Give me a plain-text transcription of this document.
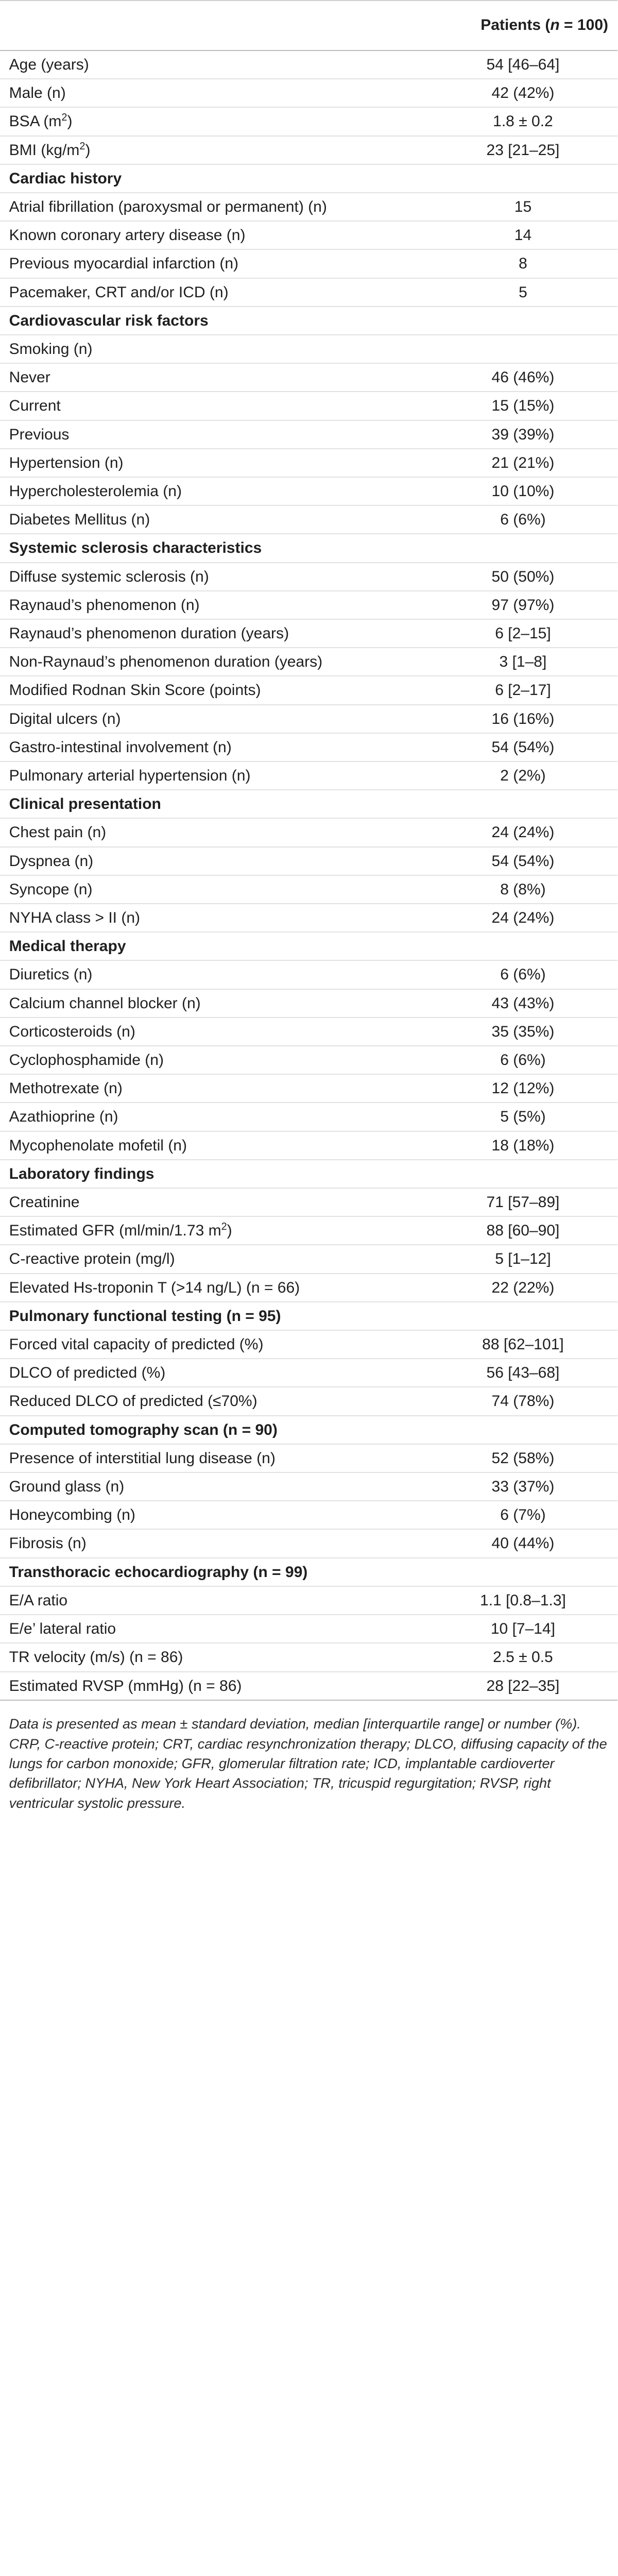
	Patients (n = 100)
Age (years)	54 [46–64]
Male (n)	42 (42%)
BSA $(m^2)$	1.8 ± 0.2
BMI $(kg/m^2)$	23 [21–25]
Cardiac history	
Atrial fibrillation (paroxysmal or permanent) (n)	15
Known coronary artery disease (n)	14
Previous myocardial infarction (n)	8
Pacemaker, CRT and/or ICD (n)	5
Cardiovascular risk factors	
Smoking (n)	
Never	46 (46%)
Current	15 (15%)
Previous	39 (39%)
Hypertension (n)	21 (21%)
Hypercholesterolemia (n)	10 (10%)
Diabetes Mellitus (n)	6 (6%)
Systemic sclerosis characteristics	
Diffuse systemic sclerosis (n)	50 (50%)
Raynaud’s phenomenon (n)	97 (97%)
Raynaud’s phenomenon duration (years)	6 [2–15]
Non-Raynaud’s phenomenon duration (years)	3 [1–8]
Modified Rodnan Skin Score (points)	6 [2–17]
Digital ulcers (n)	16 (16%)
Gastro-intestinal involvement (n)	54 (54%)
Pulmonary arterial hypertension (n)	2 (2%)
Clinical presentation	
Chest pain (n)	24 (24%)
Dyspnea (n)	54 (54%)
Syncope (n)	8 (8%)
NYHA class > II (n)	24 (24%)
Medical therapy	
Diuretics (n)	6 (6%)
Calcium channel blocker (n)	43 (43%)
Corticosteroids (n)	35 (35%)
Cyclophosphamide (n)	6 (6%)
Methotrexate (n)	12 (12%)
Azathioprine (n)	5 (5%)
Mycophenolate mofetil (n)	18 (18%)
Laboratory findings	
Creatinine	71 [57–89]
Estimated GFR (ml/min/1.73 $m^2$)	88 [60–90]
C-reactive protein (mg/l)	5 [1–12]
Elevated Hs-troponin T (>14 ng/L) (n = 66)	22 (22%)
Pulmonary functional testing (n = 95)	
Forced vital capacity of predicted (%)	88 [62–101]
DLCO of predicted (%)	56 [43–68]
Reduced DLCO of predicted (≤70%)	74 (78%)
Computed tomography scan (n = 90)	
Presence of interstitial lung disease (n)	52 (58%)
Ground glass (n)	33 (37%)
Honeycombing (n)	6 (7%)
Fibrosis (n)	40 (44%)
Transthoracic echocardiography (n = 99)	
E/A ratio	1.1 [0.8–1.3]
E/e’ lateral ratio	10 [7–14]
TR velocity (m/s) (n = 86)	2.5 ± 0.5
Estimated RVSP (mmHg) (n = 86)	28 [22–35]
Data is presented as mean ± standard deviation, median [interquartile range] or number (%). CRP, C-reactive protein; CRT, cardiac resynchronization therapy; DLCO, diffusing capacity of the lungs for carbon monoxide; GFR, glomerular filtration rate; ICD, implantable cardioverter defibrillator; NYHA, New York Heart Association; TR, tricuspid regurgitation; RVSP, right ventricular systolic pressure.
